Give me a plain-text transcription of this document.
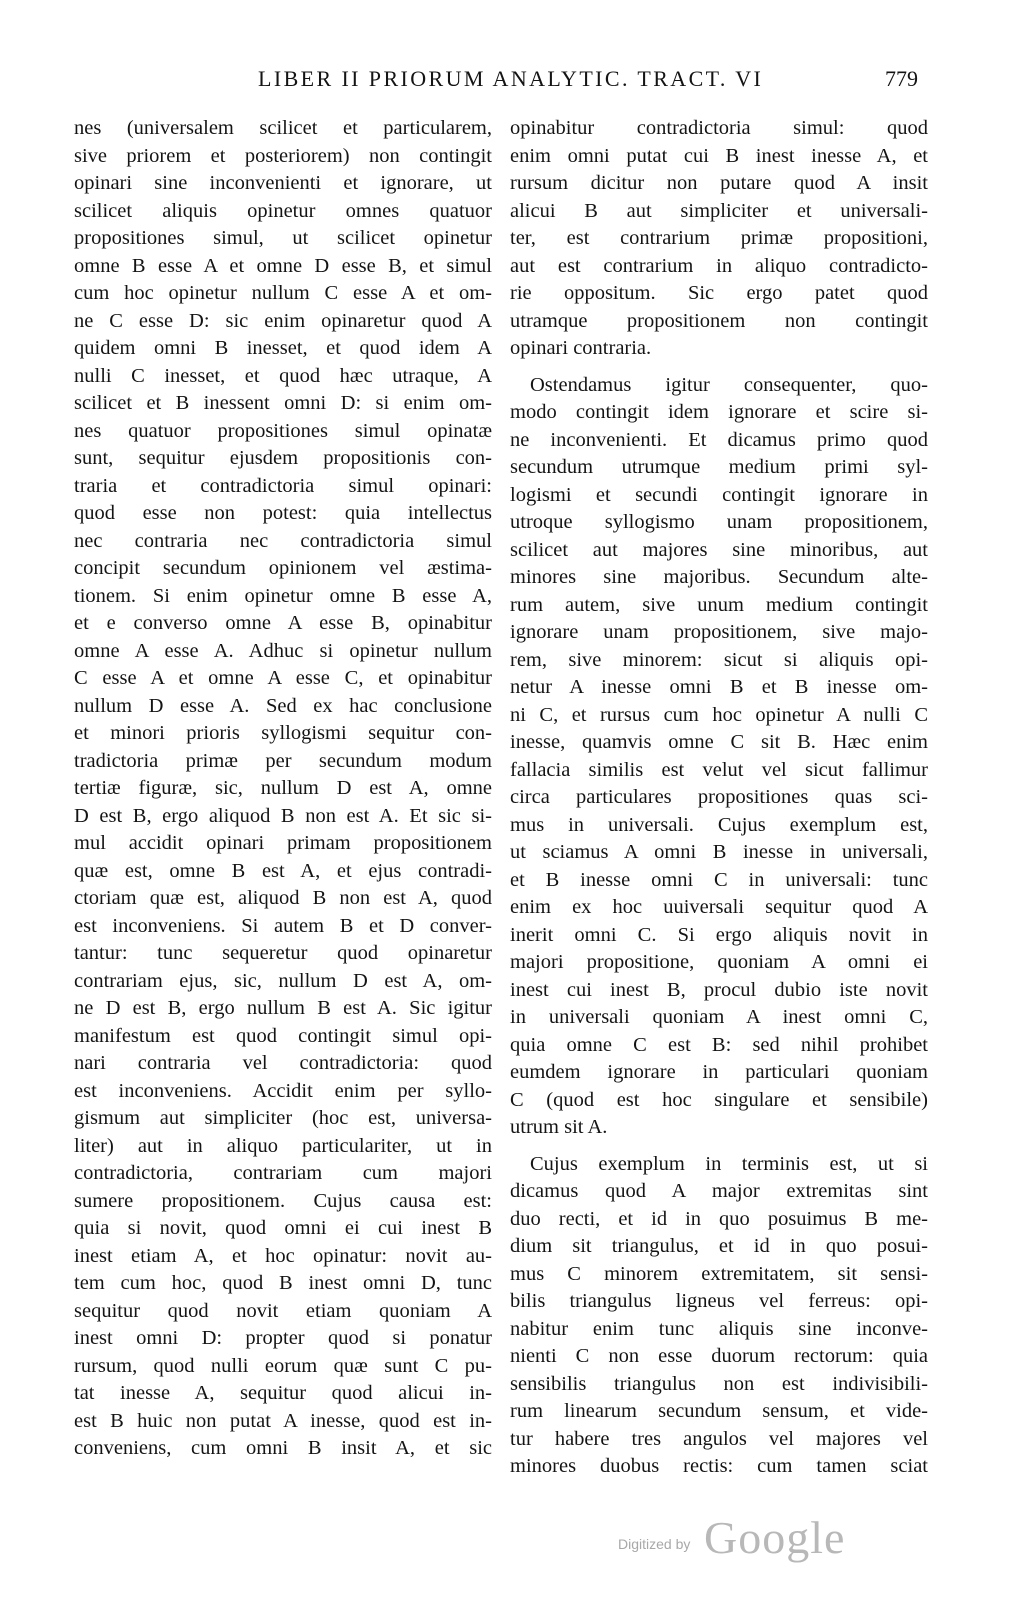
LIBER II PRIORUM ANALYTIC. TRACT. VI	779
nes (universalem scilicet et particularem,
sive priorem et posteriorem) non contingit
opinari sine inconvenienti et ignorare, ut
scilicet aliquis opinetur omnes quatuor
propositiones simul, ut scilicet opinetur
omne B esse A et omne D esse B, et simul
cum hoc opinetur nullum C esse A et om-
ne C esse D: sic enim opinaretur quod A
quidem omni B inesset, et quod idem A
nulli C inesset, et quod hæc utraque, A
scilicet et B inessent omni D: si enim om-
nes quatuor propositiones simul opinatæ
sunt, sequitur ejusdem propositionis con-
traria et contradictoria simul opinari:
quod esse non potest: quia intellectus
nec contraria nec contradictoria simul
concipit secundum opinionem vel æstima-
tionem. Si enim opinetur omne B esse A,
et e converso omne A esse B, opinabitur
omne A esse A. Adhuc si opinetur nullum
C esse A et omne A esse C, et opinabitur
nullum D esse A. Sed ex hac conclusione
et minori prioris syllogismi sequitur con-
tradictoria primæ per secundum modum
tertiæ figuræ, sic, nullum D est A, omne
D est B, ergo aliquod B non est A. Et sic si-
mul accidit opinari primam propositionem
quæ est, omne B est A, et ejus contradi-
ctoriam quæ est, aliquod B non est A, quod
est inconveniens. Si autem B et D conver-
tantur: tunc sequeretur quod opinaretur
contrariam ejus, sic, nullum D est A, om-
ne D est B, ergo nullum B est A. Sic igitur
manifestum est quod contingit simul opi-
nari contraria vel contradictoria: quod
est inconveniens. Accidit enim per syllo-
gismum aut simpliciter (hoc est, universa-
liter) aut in aliquo particulariter, ut in
contradictoria, contrariam cum majori
sumere propositionem. Cujus causa est:
quia si novit, quod omni ei cui inest B
inest etiam A, et hoc opinatur: novit au-
tem cum hoc, quod B inest omni D, tunc
sequitur quod novit etiam quoniam A
inest omni D: propter quod si ponatur
rursum, quod nulli eorum quæ sunt C pu-
tat inesse A, sequitur quod alicui in-
est B huic non putat A inesse, quod est in-
conveniens, cum omni B insit A, et sic
opinabitur contradictoria simul: quod
enim omni putat cui B inest inesse A, et
rursum dicitur non putare quod A insit
alicui B aut simpliciter et universali-
ter, est contrarium primæ propositioni,
aut est contrarium in aliquo contradicto-
rie oppositum. Sic ergo patet quod
utramque propositionem non contingit
opinari contraria.
Ostendamus igitur consequenter, quo-
modo contingit idem ignorare et scire si-
ne inconvenienti. Et dicamus primo quod
secundum utrumque medium primi syl-
logismi et secundi contingit ignorare in
utroque syllogismo unam propositionem,
scilicet aut majores sine minoribus, aut
minores sine majoribus. Secundum alte-
rum autem, sive unum medium contingit
ignorare unam propositionem, sive majo-
rem, sive minorem: sicut si aliquis opi-
netur A inesse omni B et B inesse om-
ni C, et rursus cum hoc opinetur A nulli C
inesse, quamvis omne C sit B. Hæc enim
fallacia similis est velut vel sicut fallimur
circa particulares propositiones quas sci-
mus in universali. Cujus exemplum est,
ut sciamus A omni B inesse in universali,
et B inesse omni C in universali: tunc
enim ex hoc uuiversali sequitur quod A
inerit omni C. Si ergo aliquis novit in
majori propositione, quoniam A omni ei
inest cui inest B, procul dubio iste novit
in universali quoniam A inest omni C,
quia omne C est B: sed nihil prohibet
eumdem ignorare in particulari quoniam
C (quod est hoc singulare et sensibile)
utrum sit A.
Cujus exemplum in terminis est, ut si
dicamus quod A major extremitas sint
duo recti, et id in quo posuimus B me-
dium sit triangulus, et id in quo posui-
mus C minorem extremitatem, sit sensi-
bilis triangulus ligneus vel ferreus: opi-
nabitur enim tunc aliquis sine inconve-
nienti C non esse duorum rectorum: quia
sensibilis triangulus non est indivisibili-
rum linearum secundum sensum, et vide-
tur habere tres angulos vel majores vel
minores duobus rectis: cum tamen sciat
Digitized by Google
